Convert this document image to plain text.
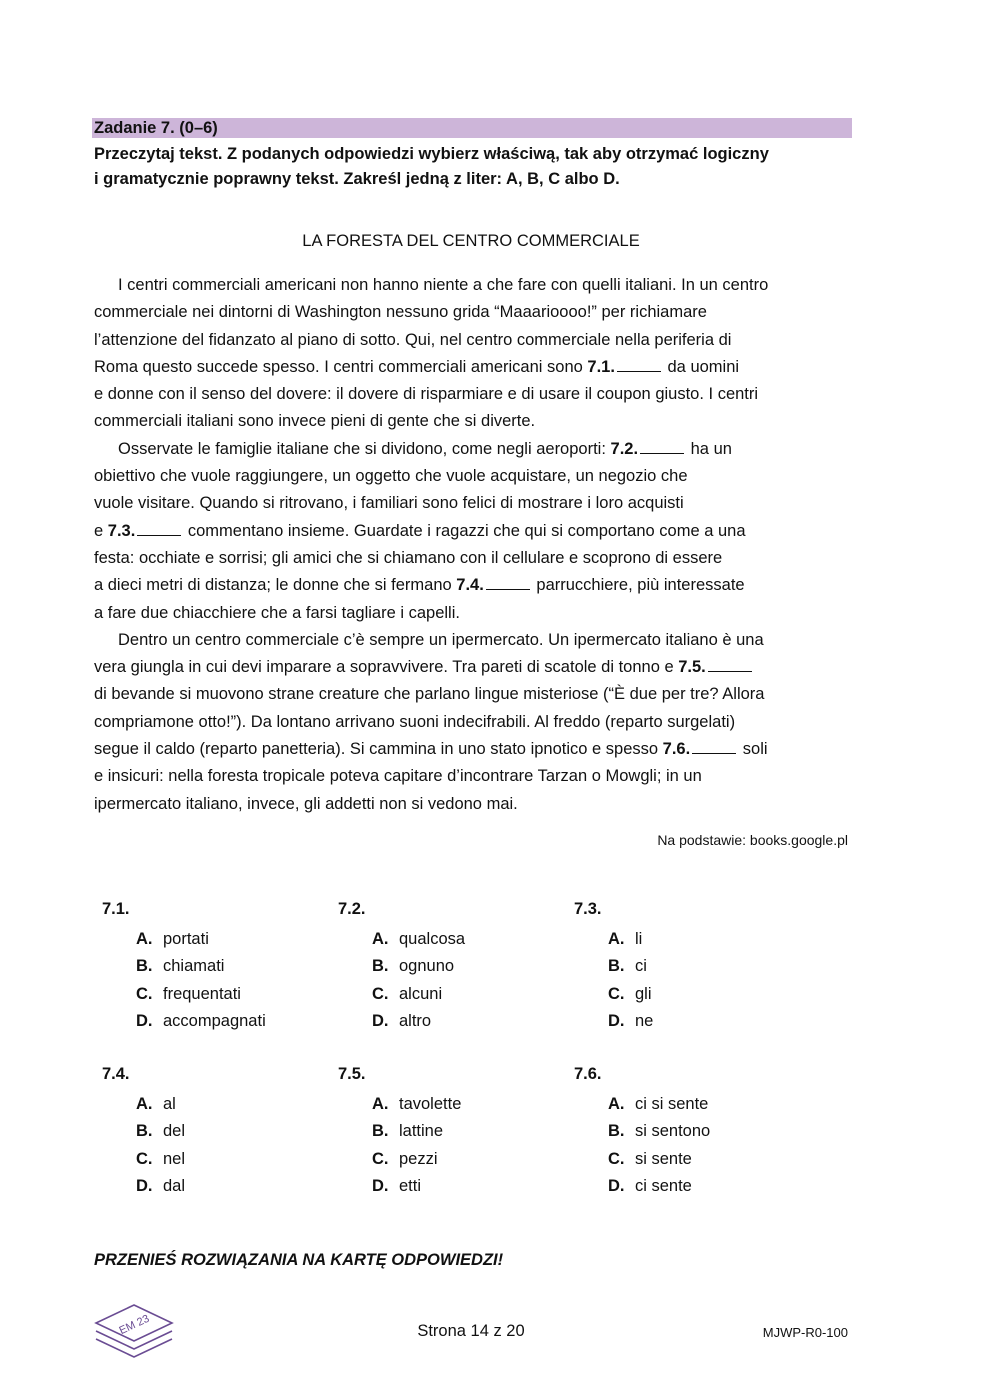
Zadanie 7. (0–6)
Przeczytaj tekst. Z podanych odpowiedzi wybierz właściwą, tak aby otrzymać logiczny
i gramatycznie poprawny tekst. Zakreśl jedną z liter: A, B, C albo D.
LA FORESTA DEL CENTRO COMMERCIALE
I centri commerciali americani non hanno niente a che fare con quelli italiani. In un centro
commerciale nei dintorni di Washington nessuno grida “Maaarioooo!” per richiamare
l’attenzione del fidanzato al piano di sotto. Qui, nel centro commerciale nella periferia di
Roma questo succede spesso. I centri commerciali americani sono 7.1.	da uomini
e donne con il senso del dovere: il dovere di risparmiare e di usare il coupon giusto. I centri
commerciali italiani sono invece pieni di gente che si diverte.
Osservate le famiglie italiane che si dividono, come negli aeroporti: 7.2.	ha un
obiettivo che vuole raggiungere, un oggetto che vuole acquistare, un negozio che
vuole visitare. Quando si ritrovano, i familiari sono felici di mostrare i loro acquisti
e 7.3.	commentano insieme. Guardate i ragazzi che qui si comportano come a una
festa: occhiate e sorrisi; gli amici che si chiamano con il cellulare e scoprono di essere
a dieci metri di distanza; le donne che si fermano 7.4.	parrucchiere, più interessate
a fare due chiacchiere che a farsi tagliare i capelli.
Dentro un centro commerciale c’è sempre un ipermercato. Un ipermercato italiano è una
vera giungla in cui devi imparare a sopravvivere. Tra pareti di scatole di tonno e 7.5.
di bevande si muovono strane creature che parlano lingue misteriose (“È due per tre? Allora
compriamone otto!”). Da lontano arrivano suoni indecifrabili. Al freddo (reparto surgelati)
segue il caldo (reparto panetteria). Si cammina in uno stato ipnotico e spesso 7.6.	soli
e insicuri: nella foresta tropicale poteva capitare d’incontrare Tarzan o Mowgli; in un
ipermercato italiano, invece, gli addetti non si vedono mai.
Na podstawie: books.google.pl
7.1.
A. portati
B. chiamati
C. frequentati
D. accompagnati
7.2.
A. qualcosa
B. ognuno
C. alcuni
D. altro
7.3.
A. li
B. ci
C. gli
D. ne
7.4.
A. al
B. del
C. nel
D. dal
7.5.
A. tavolette
B. lattine
C. pezzi
D. etti
7.6.
A. ci si sente
B. si sentono
C. si sente
D. ci sente
PRZENIEŚ ROZWIĄZANIA NA KARTĘ ODPOWIEDZI!
EM 23	Strona 14 z 20	MJWP-R0-100
